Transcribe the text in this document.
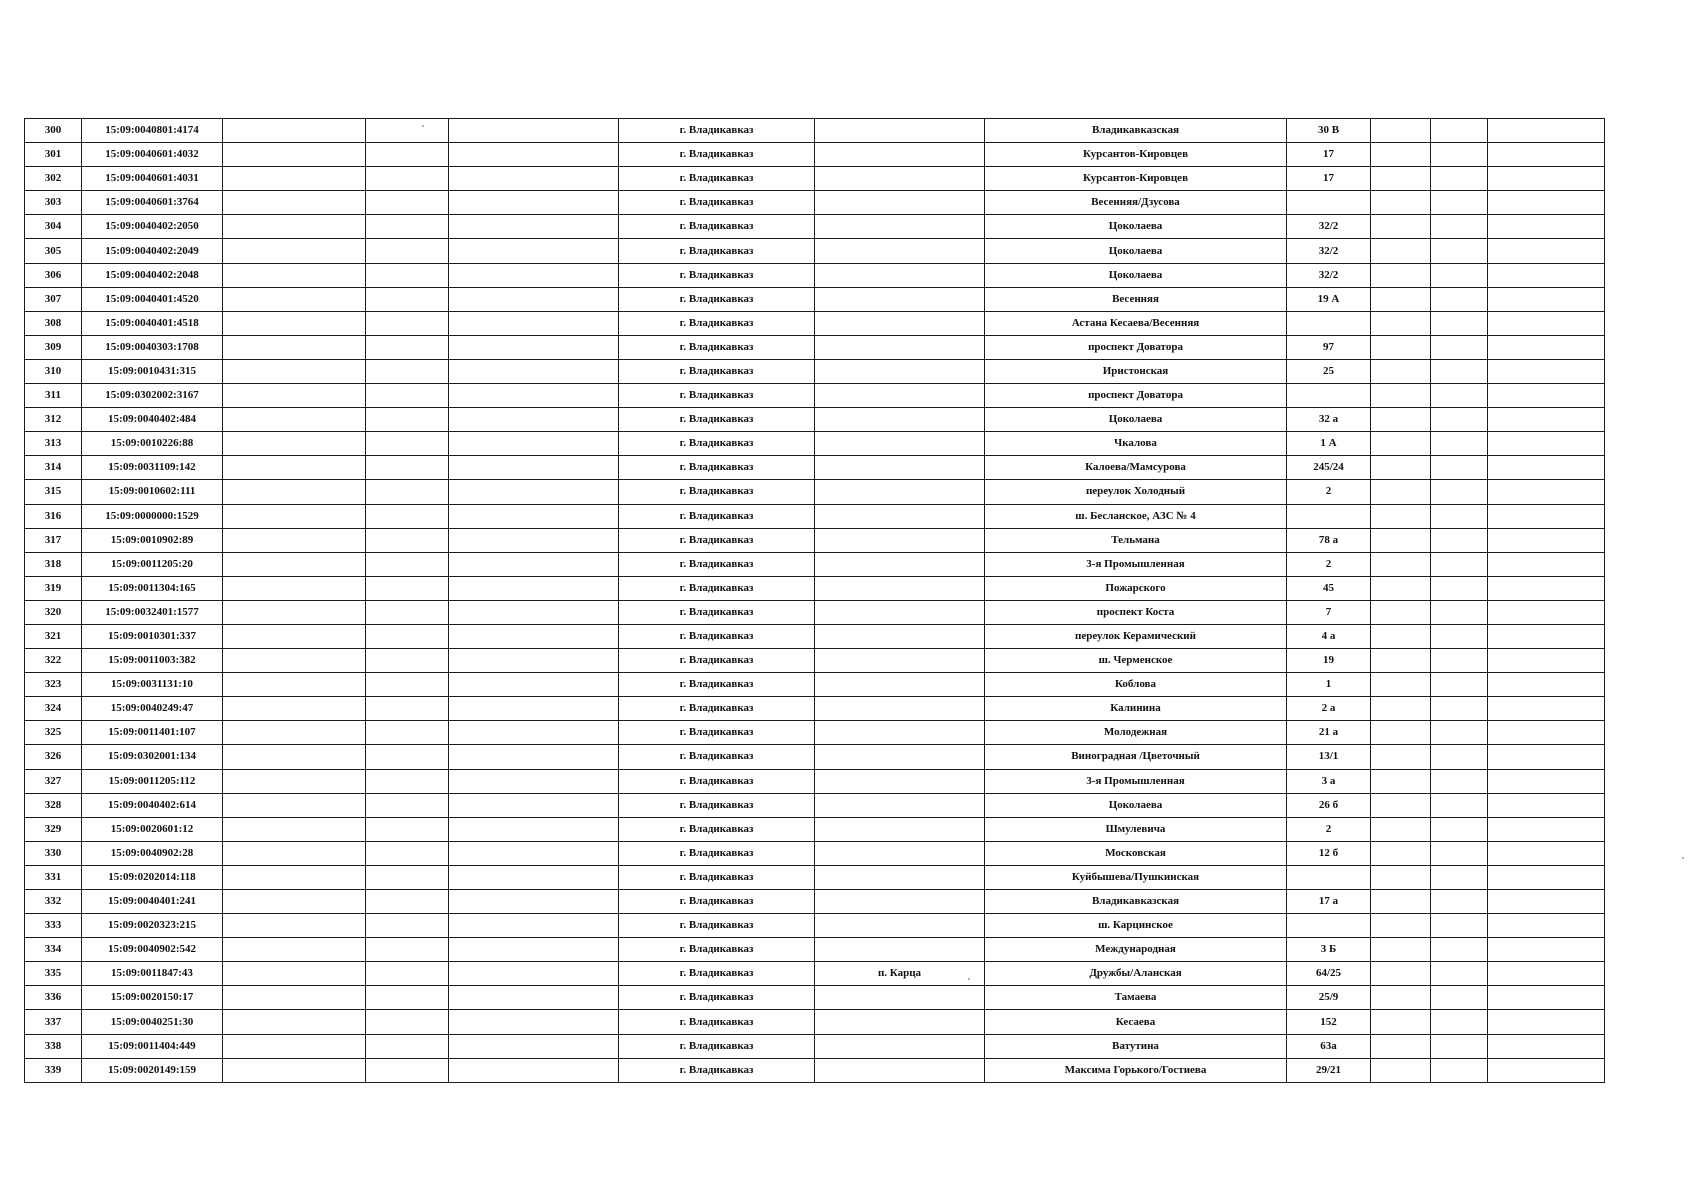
300	15:09:0040801:4174				г. Владикавказ		Владикавказская	30 В			
301	15:09:0040601:4032				г. Владикавказ		Курсантов-Кировцев	17			
302	15:09:0040601:4031				г. Владикавказ		Курсантов-Кировцев	17			
303	15:09:0040601:3764				г. Владикавказ		Весенняя/Дзусова				
304	15:09:0040402:2050				г. Владикавказ		Цоколаева	32/2			
305	15:09:0040402:2049				г. Владикавказ		Цоколаева	32/2			
306	15:09:0040402:2048				г. Владикавказ		Цоколаева	32/2			
307	15:09:0040401:4520				г. Владикавказ		Весенняя	19 А			
308	15:09:0040401:4518				г. Владикавказ		Астана Кесаева/Весенняя				
309	15:09:0040303:1708				г. Владикавказ		проспект Доватора	97			
310	15:09:0010431:315				г. Владикавказ		Иристонская	25			
311	15:09:0302002:3167				г. Владикавказ		проспект Доватора				
312	15:09:0040402:484				г. Владикавказ		Цоколаева	32 а			
313	15:09:0010226:88				г. Владикавказ		Чкалова	1 А			
314	15:09:0031109:142				г. Владикавказ		Калоева/Мамсурова	245/24			
315	15:09:0010602:111				г. Владикавказ		переулок Холодный	2			
316	15:09:0000000:1529				г. Владикавказ		ш. Бесланское, АЗС № 4				
317	15:09:0010902:89				г. Владикавказ		Тельмана	78 а			
318	15:09:0011205:20				г. Владикавказ		3-я Промышленная	2			
319	15:09:0011304:165				г. Владикавказ		Пожарского	45			
320	15:09:0032401:1577				г. Владикавказ		проспект Коста	7			
321	15:09:0010301:337				г. Владикавказ		переулок Керамический	4 а			
322	15:09:0011003:382				г. Владикавказ		ш. Черменское	19			
323	15:09:0031131:10				г. Владикавказ		Коблова	1			
324	15:09:0040249:47				г. Владикавказ		Калинина	2 а			
325	15:09:0011401:107				г. Владикавказ		Молодежная	21 а			
326	15:09:0302001:134				г. Владикавказ		Виноградная /Цветочный	13/1			
327	15:09:0011205:112				г. Владикавказ		3-я Промышленная	3 а			
328	15:09:0040402:614				г. Владикавказ		Цоколаева	26 б			
329	15:09:0020601:12				г. Владикавказ		Шмулевича	2			
330	15:09:0040902:28				г. Владикавказ		Московская	12 б			
331	15:09:0202014:118				г. Владикавказ		Куйбышева/Пушкинская				
332	15:09:0040401:241				г. Владикавказ		Владикавказская	17 а			
333	15:09:0020323:215				г. Владикавказ		ш. Карцинское				
334	15:09:0040902:542				г. Владикавказ		Международная	3 Б			
335	15:09:0011847:43				г. Владикавказ	п. Карца	Дружбы/Аланская	64/25			
336	15:09:0020150:17				г. Владикавказ		Тамаева	25/9			
337	15:09:0040251:30				г. Владикавказ		Кесаева	152			
338	15:09:0011404:449				г. Владикавказ		Ватутина	63а			
339	15:09:0020149:159				г. Владикавказ		Максима Горького/Гостиева	29/21			
